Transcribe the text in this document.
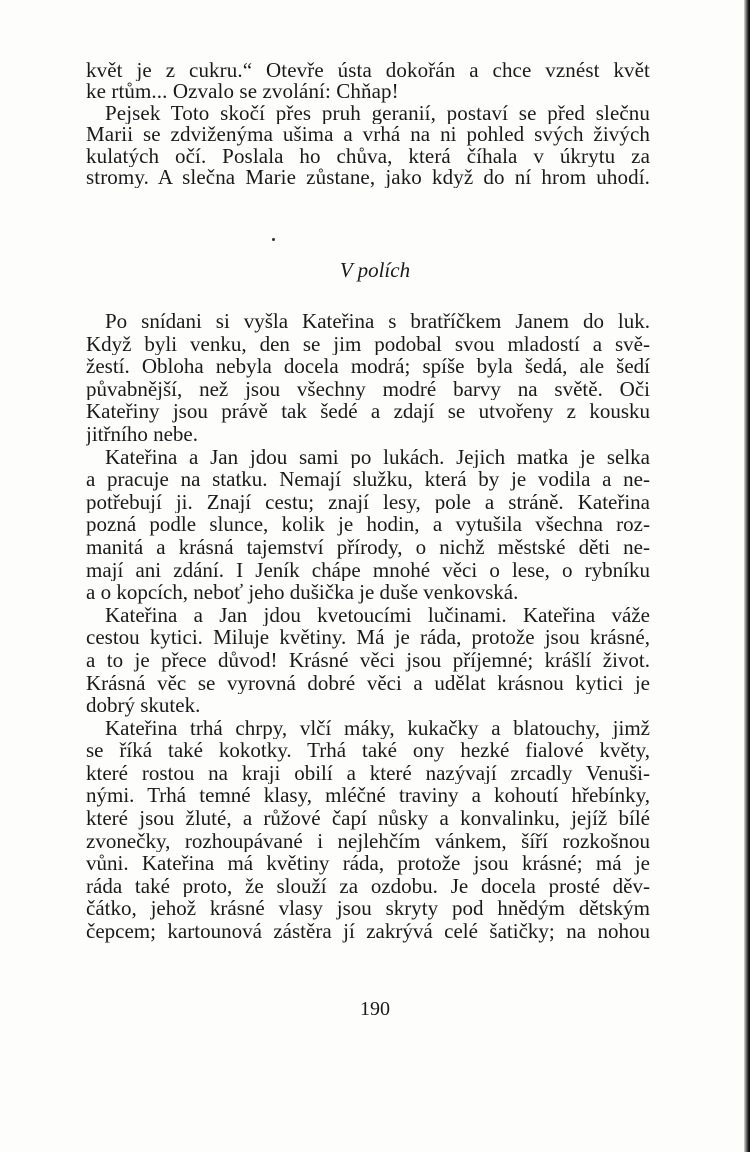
květ je z cukru.“ Otevře ústa dokořán a chce vznést květ
ke rtům... Ozvalo se zvolání: Chňap!
Pejsek Toto skočí přes pruh geranií, postaví se před slečnu
Marii se zdviženýma ušima a vrhá na ni pohled svých živých
kulatých očí. Poslala ho chůva, která číhala v úkrytu za
stromy. A slečna Marie zůstane, jako když do ní hrom uhodí.
V polích
Po snídani si vyšla Kateřina s bratříčkem Janem do luk.
Když byli venku, den se jim podobal svou mladostí a svě-
žestí. Obloha nebyla docela modrá; spíše byla šedá, ale šedí
půvabnější, než jsou všechny modré barvy na světě. Oči
Kateřiny jsou právě tak šedé a zdají se utvořeny z kousku
jitřního nebe.
Kateřina a Jan jdou sami po lukách. Jejich matka je selka
a pracuje na statku. Nemají služku, která by je vodila a ne-
potřebují ji. Znají cestu; znají lesy, pole a stráně. Kateřina
pozná podle slunce, kolik je hodin, a vytušila všechna roz-
manitá a krásná tajemství přírody, o nichž městské děti ne-
mají ani zdání. I Jeník chápe mnohé věci o lese, o rybníku
a o kopcích, neboť jeho dušička je duše venkovská.
Kateřina a Jan jdou kvetoucími lučinami. Kateřina váže
cestou kytici. Miluje květiny. Má je ráda, protože jsou krásné,
a to je přece důvod! Krásné věci jsou příjemné; krášlí život.
Krásná věc se vyrovná dobré věci a udělat krásnou kytici je
dobrý skutek.
Kateřina trhá chrpy, vlčí máky, kukačky a blatouchy, jimž
se říká také kokotky. Trhá také ony hezké fialové květy,
které rostou na kraji obilí a které nazývají zrcadly Venuši-
nými. Trhá temné klasy, mléčné traviny a kohoutí hřebínky,
které jsou žluté, a růžové čapí nůsky a konvalinku, jejíž bílé
zvonečky, rozhoupávané i nejlehčím vánkem, šíří rozkošnou
vůni. Kateřina má květiny ráda, protože jsou krásné; má je
ráda také proto, že slouží za ozdobu. Je docela prosté děv-
čátko, jehož krásné vlasy jsou skryty pod hnědým dětským
čepcem; kartounová zástěra jí zakrývá celé šatičky; na nohou
190
